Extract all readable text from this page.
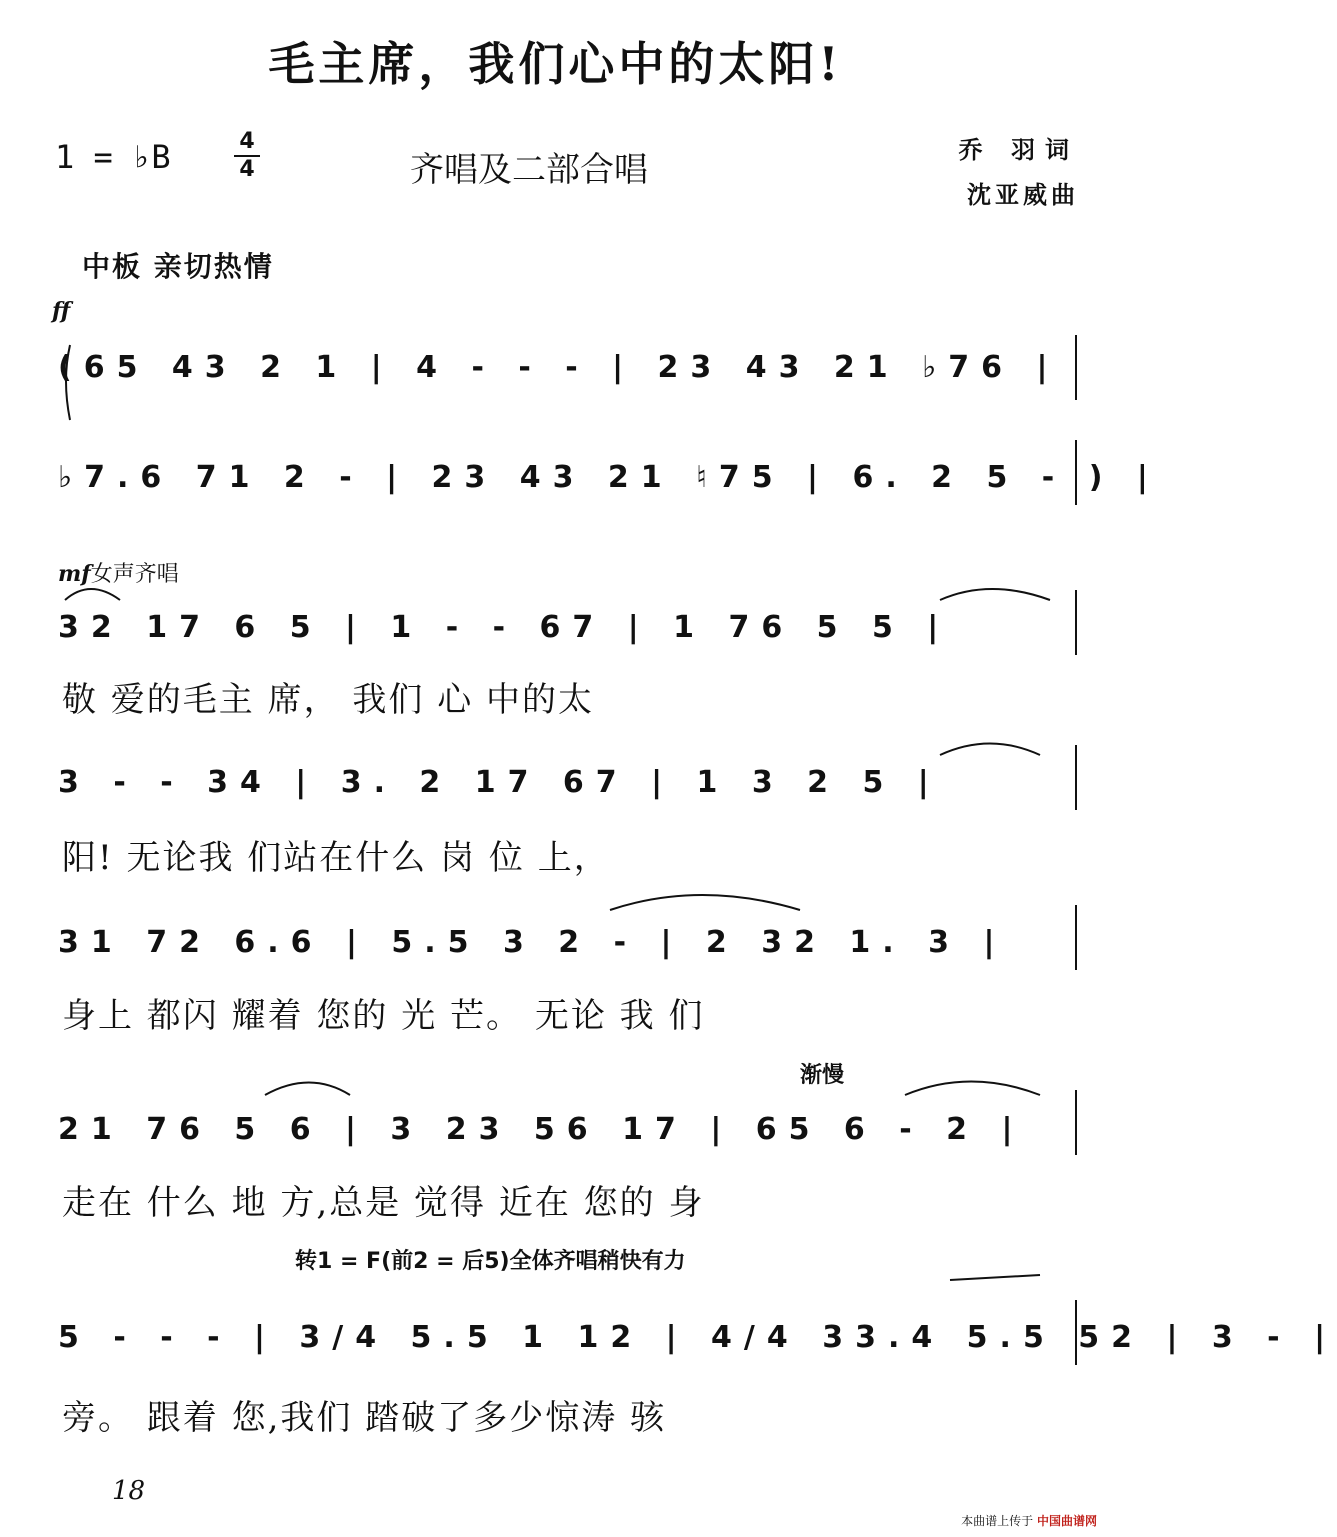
毛主席，我们心中的太阳!
1 = ♭B	4
4	齐唱及二部合唱	乔 羽词
沈亚威曲
中板 亲切热情
ff
(65 43 2 1 | 4 - - - | 23 43 21 ♭76 |
♭7.6 71 2 - | 23 43 21 ♮75 | 6. 2 5 - ) |
mf女声齐唱
32 17 6 5 | 1 - - 67 | 1 76 5 5 |
敬 爱的毛主 席， 我们 心 中的太
3 - - 34 | 3. 2 17 67 | 1 3 2 5 |
阳! 无论我 们站在什么 岗 位 上，
31 72 6.6 | 5.5 3 2 - | 2 32 1. 3 |
身上 都闪 耀着 您的 光 芒。 无论 我 们
渐慢
21 76 5 6 | 3 23 56 17 | 65 6 - 2 |
走在 什么 地 方,总是 觉得 近在 您的 身
转1 = F(前2 = 后5)全体齐唱稍快有力
5 - - - | 3/4 5.5 1 12 | 4/4 33.4 5.5 52 | 3 - |
旁。 跟着 您,我们 踏破了多少惊涛 骇
18
本曲谱上传于 中国曲谱网
